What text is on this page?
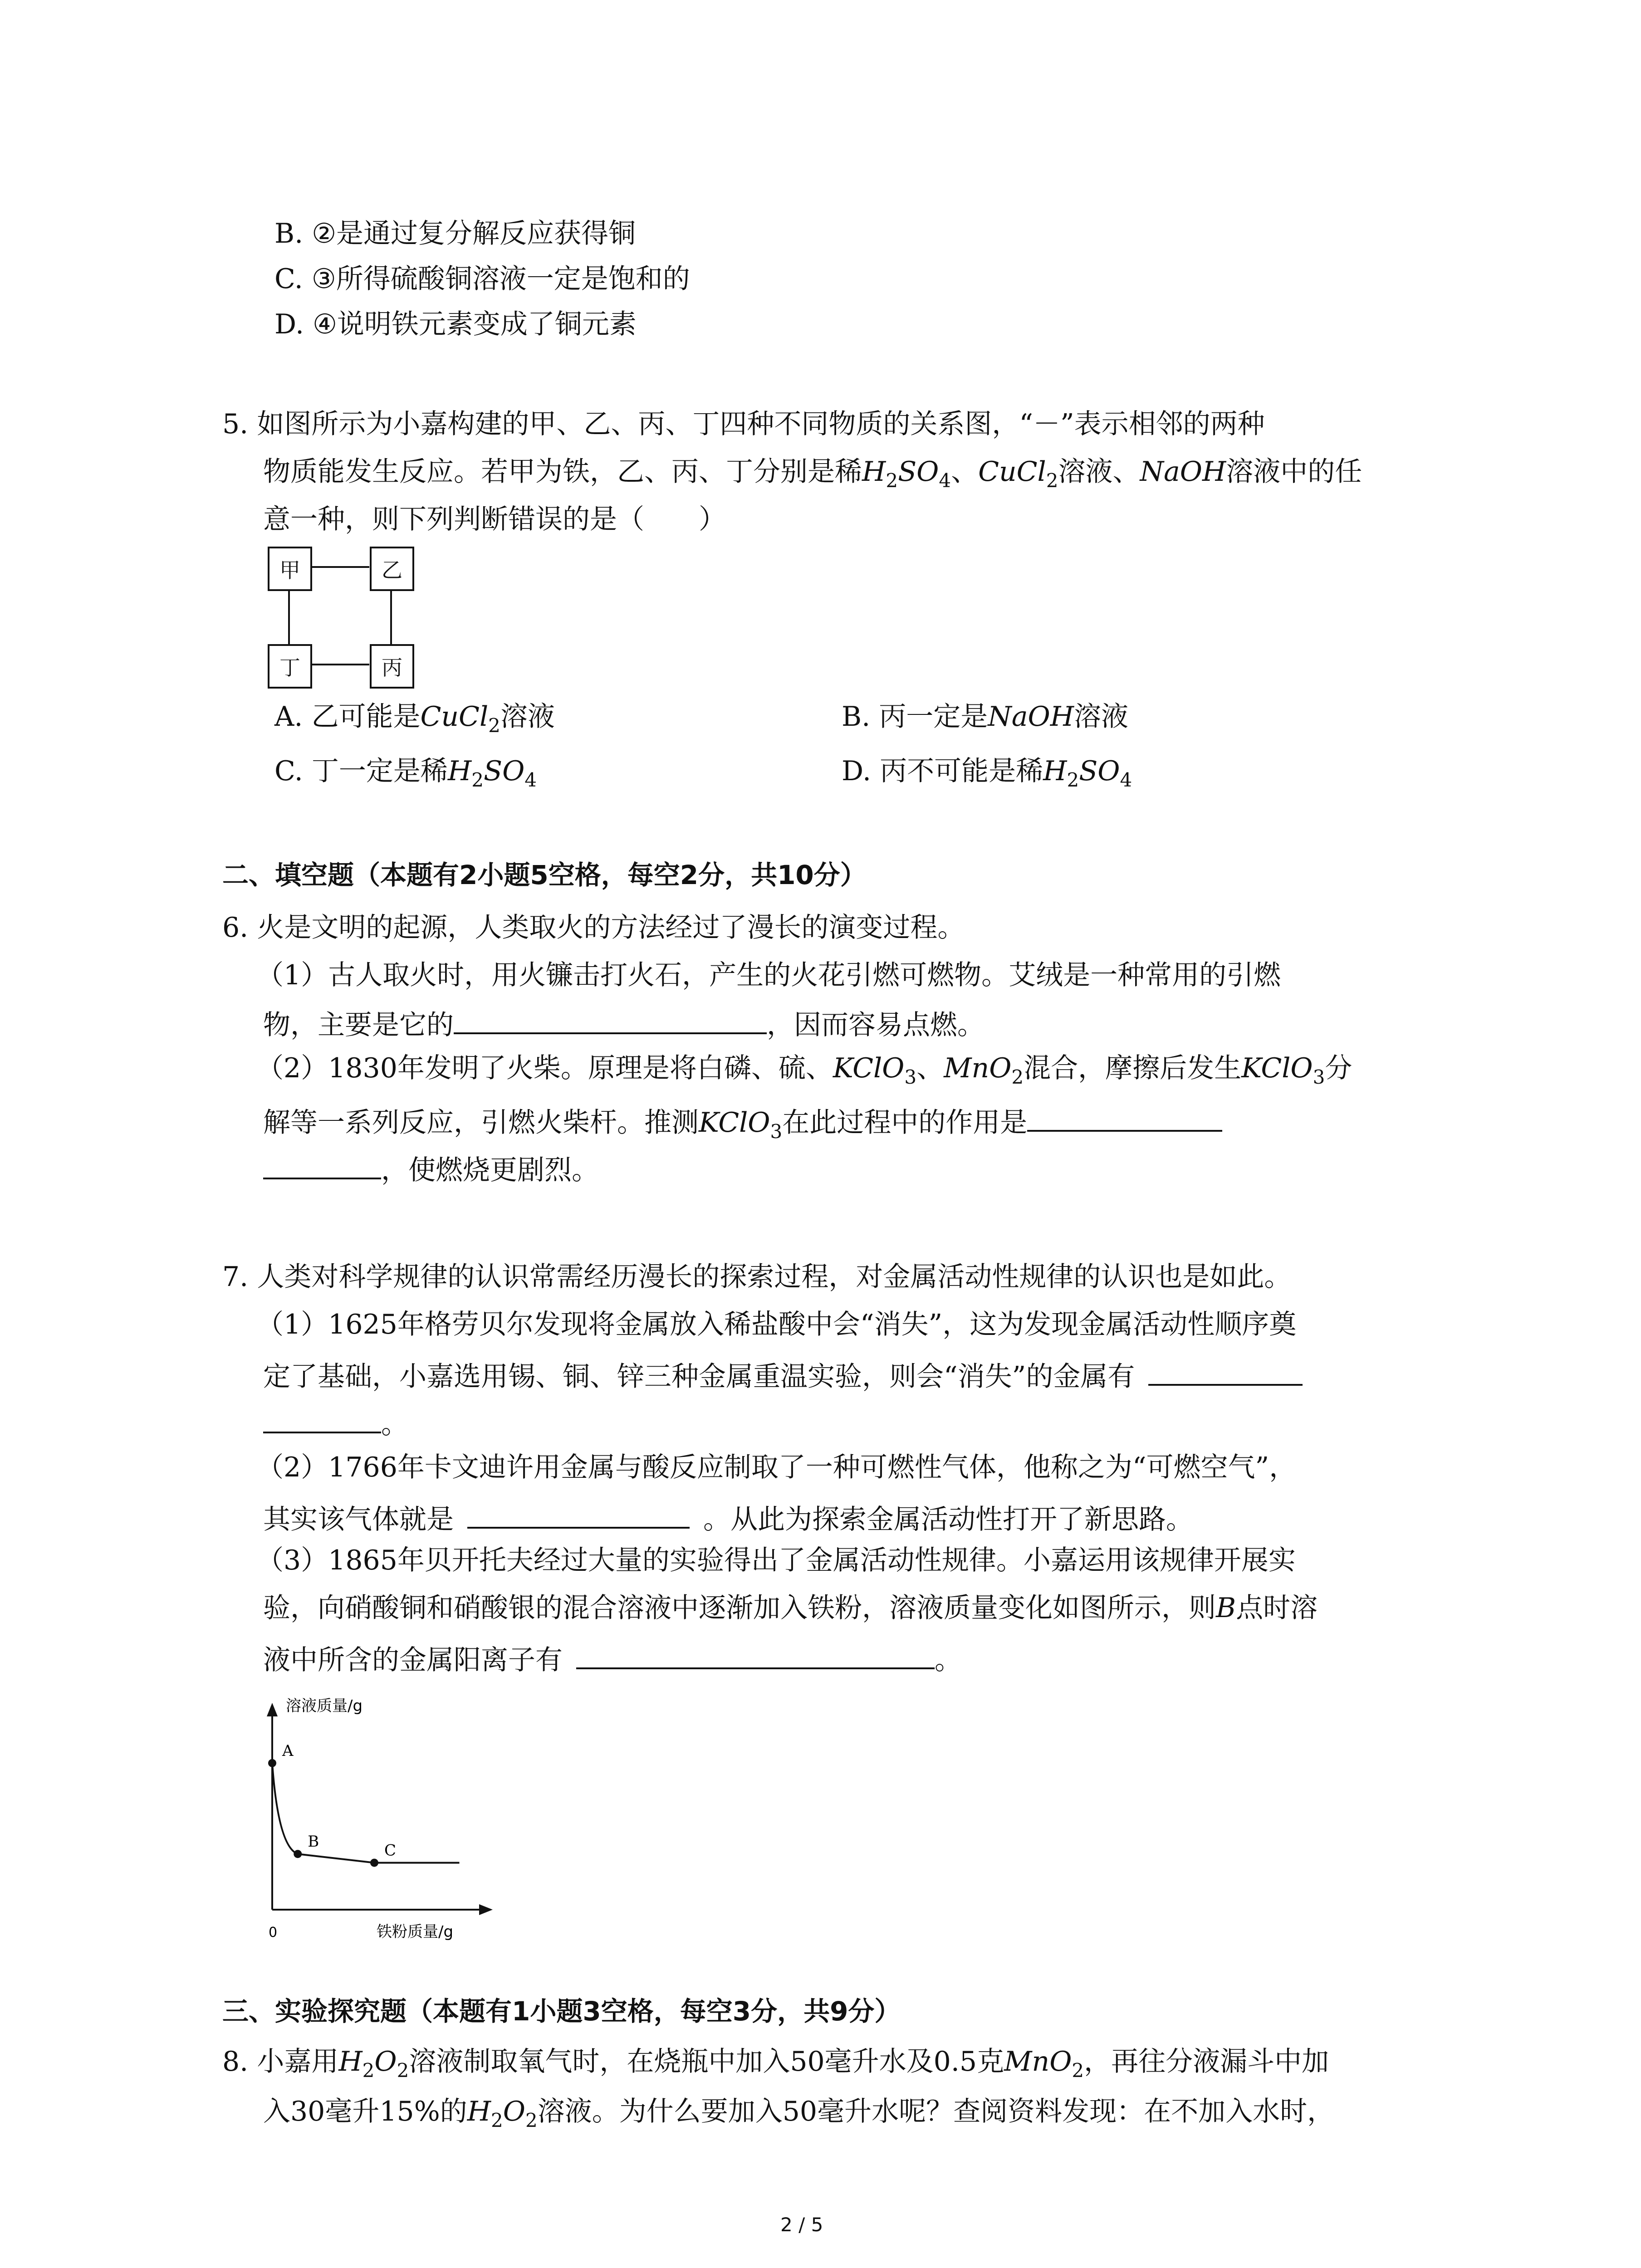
B. ②是通过复分解反应获得铜
C. ③所得硫酸铜溶液一定是饱和的
D. ④说明铁元素变成了铜元素
5. 如图所示为小嘉构建的甲、乙、丙、丁四种不同物质的关系图，“－”表示相邻的两种
物质能发生反应。若甲为铁，乙、丙、丁分别是稀$H_2SO_4$、CuCl$_2$溶液、NaOH溶液中的任
意一种，则下列判断错误的是（　　）
甲	乙
丁	丙
A. 乙可能是CuCl$_2$溶液	B. 丙一定是NaOH溶液
C. 丁一定是稀$H_2SO_4$	D. 丙不可能是稀$H_2SO_4$
二、填空题（本题有2小题5空格，每空2分，共10分）
6. 火是文明的起源，人类取火的方法经过了漫长的演变过程。
（1）古人取火时，用火镰击打火石，产生的火花引燃可燃物。艾绒是一种常用的引燃
物，主要是它的	，因而容易点燃。
（2）1830年发明了火柴。原理是将白磷、硫、KClO$_3$、MnO$_2$混合，摩擦后发生KClO$_3$分
解等一系列反应，引燃火柴杆。推测KClO$_3$在此过程中的作用是
，使燃烧更剧烈。
7. 人类对科学规律的认识常需经历漫长的探索过程，对金属活动性规律的认识也是如此。
（1）1625年格劳贝尔发现将金属放入稀盐酸中会“消失”，这为发现金属活动性顺序奠
定了基础，小嘉选用锡、铜、锌三种金属重温实验，则会“消失”的金属有
。
（2）1766年卡文迪许用金属与酸反应制取了一种可燃性气体，他称之为“可燃空气”，
其实该气体就是	。从此为探索金属活动性打开了新思路。
（3）1865年贝开托夫经过大量的实验得出了金属活动性规律。小嘉运用该规律开展实
验，向硝酸铜和硝酸银的混合溶液中逐渐加入铁粉，溶液质量变化如图所示，则B点时溶
液中所含的金属阳离子有	。
溶液质量/g
铁粉质量/g
0
A
B	C
三、实验探究题（本题有1小题3空格，每空3分，共9分）
8. 小嘉用$H_2O_2$溶液制取氧气时，在烧瓶中加入50毫升水及0.5克MnO$_2$，再往分液漏斗中加
入30毫升15%的$H_2O_2$溶液。为什么要加入50毫升水呢？查阅资料发现：在不加入水时，
2 / 5
